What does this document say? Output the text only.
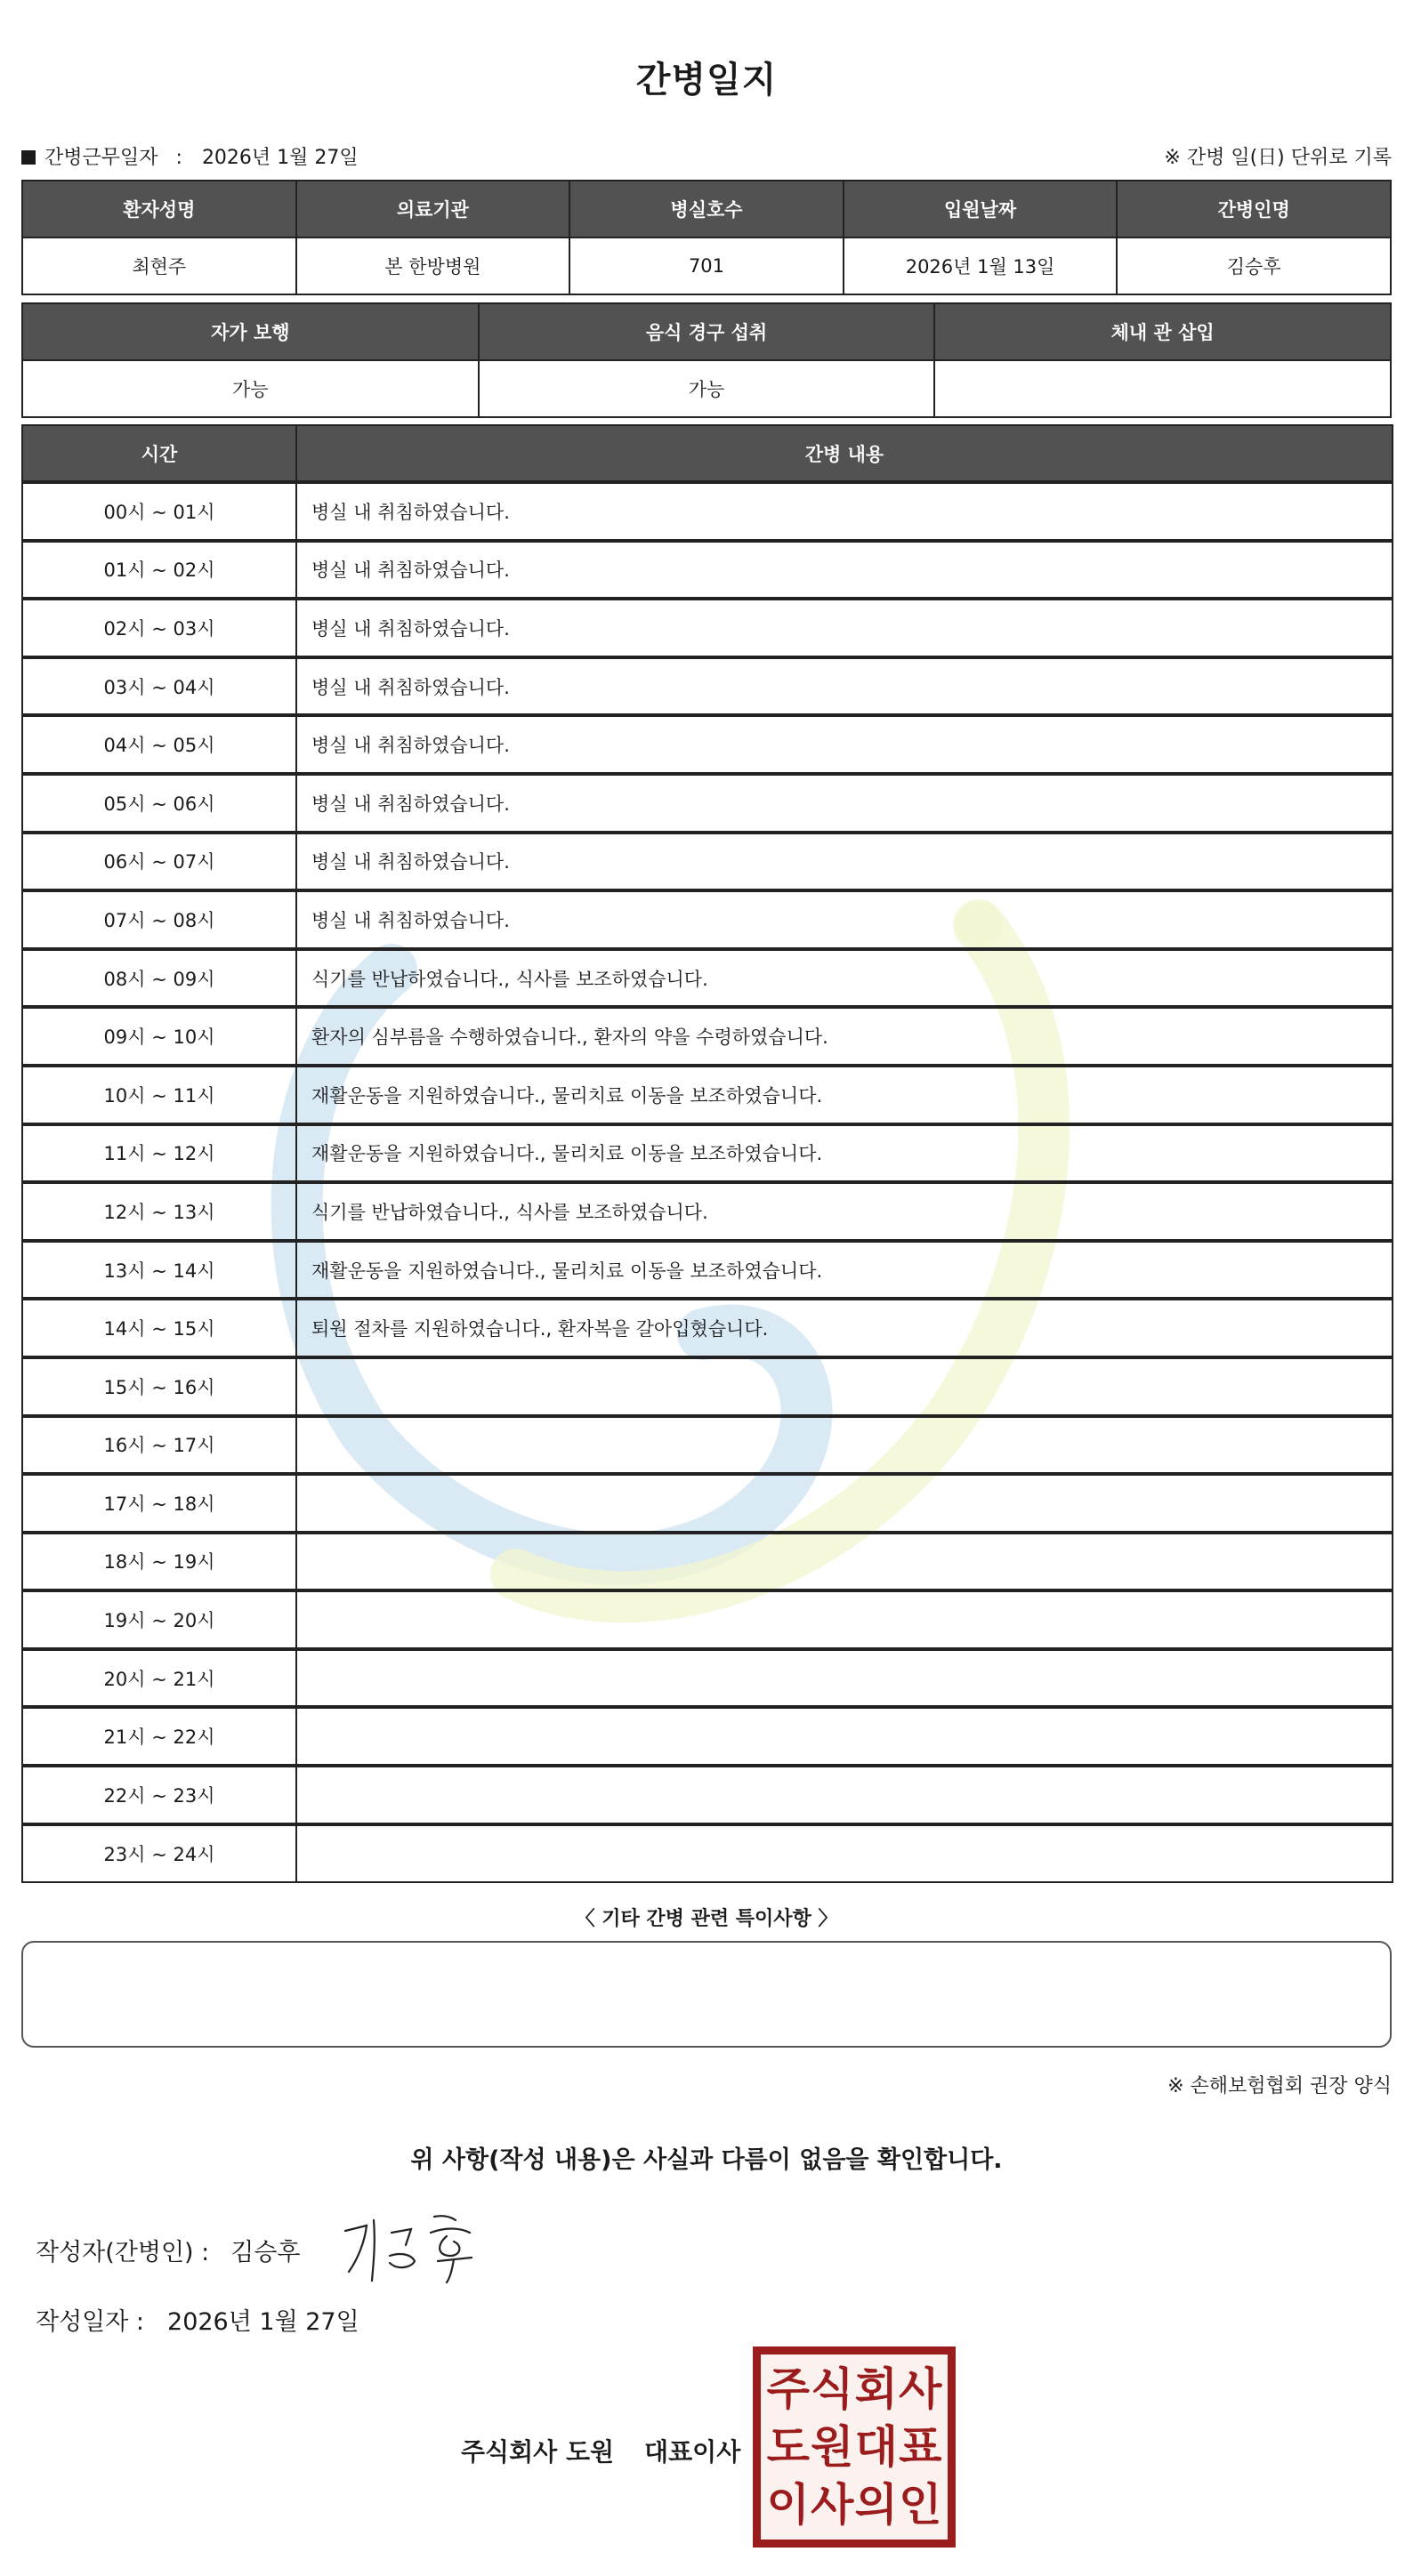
간병일지
간병근무일자 : 2026년 1월 27일	※ 간병 일(日) 단위로 기록
환자성명	의료기관	병실호수	입원날짜	간병인명
최현주	본 한방병원	701	2026년 1월 13일	김승후
자가 보행	음식 경구 섭취	체내 관 삽입
가능	가능	
시간	간병 내용
00시 ~ 01시	병실 내 취침하였습니다.
01시 ~ 02시	병실 내 취침하였습니다.
02시 ~ 03시	병실 내 취침하였습니다.
03시 ~ 04시	병실 내 취침하였습니다.
04시 ~ 05시	병실 내 취침하였습니다.
05시 ~ 06시	병실 내 취침하였습니다.
06시 ~ 07시	병실 내 취침하였습니다.
07시 ~ 08시	병실 내 취침하였습니다.
08시 ~ 09시	식기를 반납하였습니다., 식사를 보조하였습니다.
09시 ~ 10시	환자의 심부름을 수행하였습니다., 환자의 약을 수령하였습니다.
10시 ~ 11시	재활운동을 지원하였습니다., 물리치료 이동을 보조하였습니다.
11시 ~ 12시	재활운동을 지원하였습니다., 물리치료 이동을 보조하였습니다.
12시 ~ 13시	식기를 반납하였습니다., 식사를 보조하였습니다.
13시 ~ 14시	재활운동을 지원하였습니다., 물리치료 이동을 보조하였습니다.
14시 ~ 15시	퇴원 절차를 지원하였습니다., 환자복을 갈아입혔습니다.
15시 ~ 16시	
16시 ~ 17시	
17시 ~ 18시	
18시 ~ 19시	
19시 ~ 20시	
20시 ~ 21시	
21시 ~ 22시	
22시 ~ 23시	
23시 ~ 24시	
〈 기타 간병 관련 특이사항 〉
※ 손해보험협회 권장 양식
위 사항(작성 내용)은 사실과 다름이 없음을 확인합니다.
작성자(간병인) : 김승후
작성일자 : 2026년 1월 27일
주식회사 도원 대표이사
주 식 회 사
도 원 대 표
이 사 의 인
